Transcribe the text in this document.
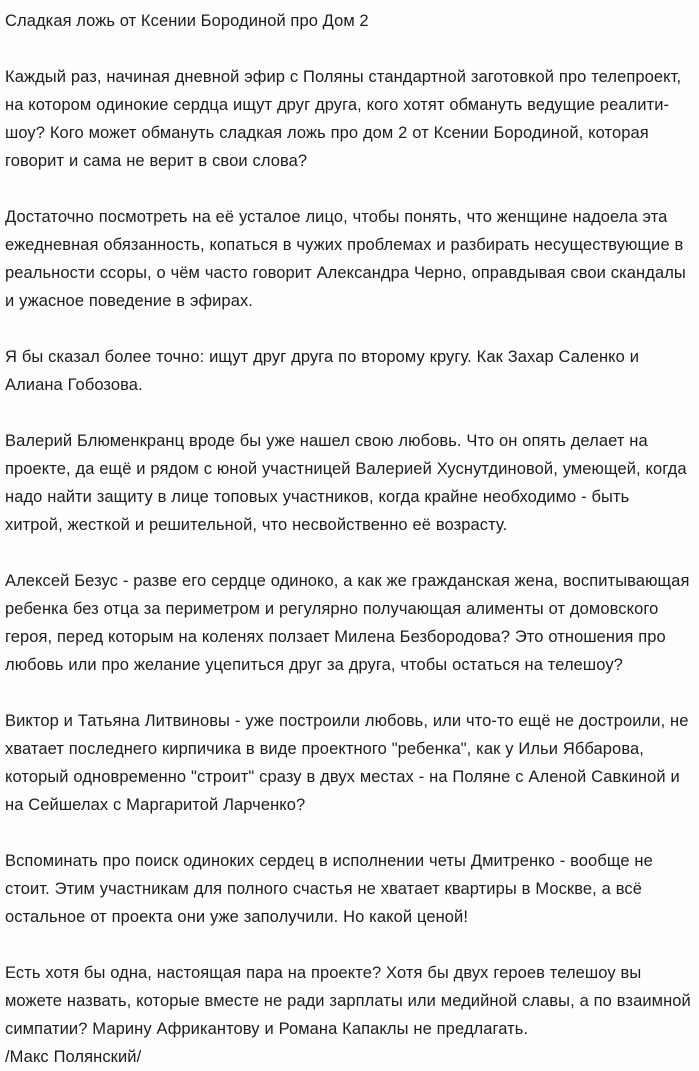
Сладкая ложь от Ксении Бородиной про Дом 2

Каждый раз, начиная дневной эфир с Поляны стандартной заготовкой про телепроект, на котором одинокие сердца ищут друг друга, кого хотят обмануть ведущие реалити-шоу? Кого может обмануть сладкая ложь про дом 2 от Ксении Бородиной, которая говорит и сама не верит в свои слова?

Достаточно посмотреть на её усталое лицо, чтобы понять, что женщине надоела эта ежедневная обязанность, копаться в чужих проблемах и разбирать несуществующие в реальности ссоры, о чём часто говорит Александра Черно, оправдывая свои скандалы и ужасное поведение в эфирах.

Я бы сказал более точно: ищут друг друга по второму кругу. Как Захар Саленко и Алиана Гобозова.

Валерий Блюменкранц вроде бы уже нашел свою любовь. Что он опять делает на проекте, да ещё и рядом с юной участницей Валерией Хуснутдиновой, умеющей, когда надо найти защиту в лице топовых участников, когда крайне необходимо - быть хитрой, жесткой и решительной, что несвойственно её возрасту.

Алексей Безус - разве его сердце одиноко, а как же гражданская жена, воспитывающая ребенка без отца за периметром и регулярно получающая алименты от домовского героя, перед которым на коленях ползает Милена Безбородова? Это отношения про любовь или про желание уцепиться друг за друга, чтобы остаться на телешоу?

Виктор и Татьяна Литвиновы - уже построили любовь, или что-то ещё не достроили, не хватает последнего кирпичика в виде проектного "ребенка", как у Ильи Яббарова, который одновременно "строит" сразу в двух местах - на Поляне с Аленой Савкиной и на Сейшелах с Маргаритой Ларченко?

Вспоминать про поиск одиноких сердец в исполнении четы Дмитренко - вообще не стоит. Этим участникам для полного счастья не хватает квартиры в Москве, а всё остальное от проекта они уже заполучили. Но какой ценой!

Есть хотя бы одна, настоящая пара на проекте? Хотя бы двух героев телешоу вы можете назвать, которые вместе не ради зарплаты или медийной славы, а по взаимной симпатии? Марину Африкантову и Романа Капаклы не предлагать.
/Макс Полянский/
